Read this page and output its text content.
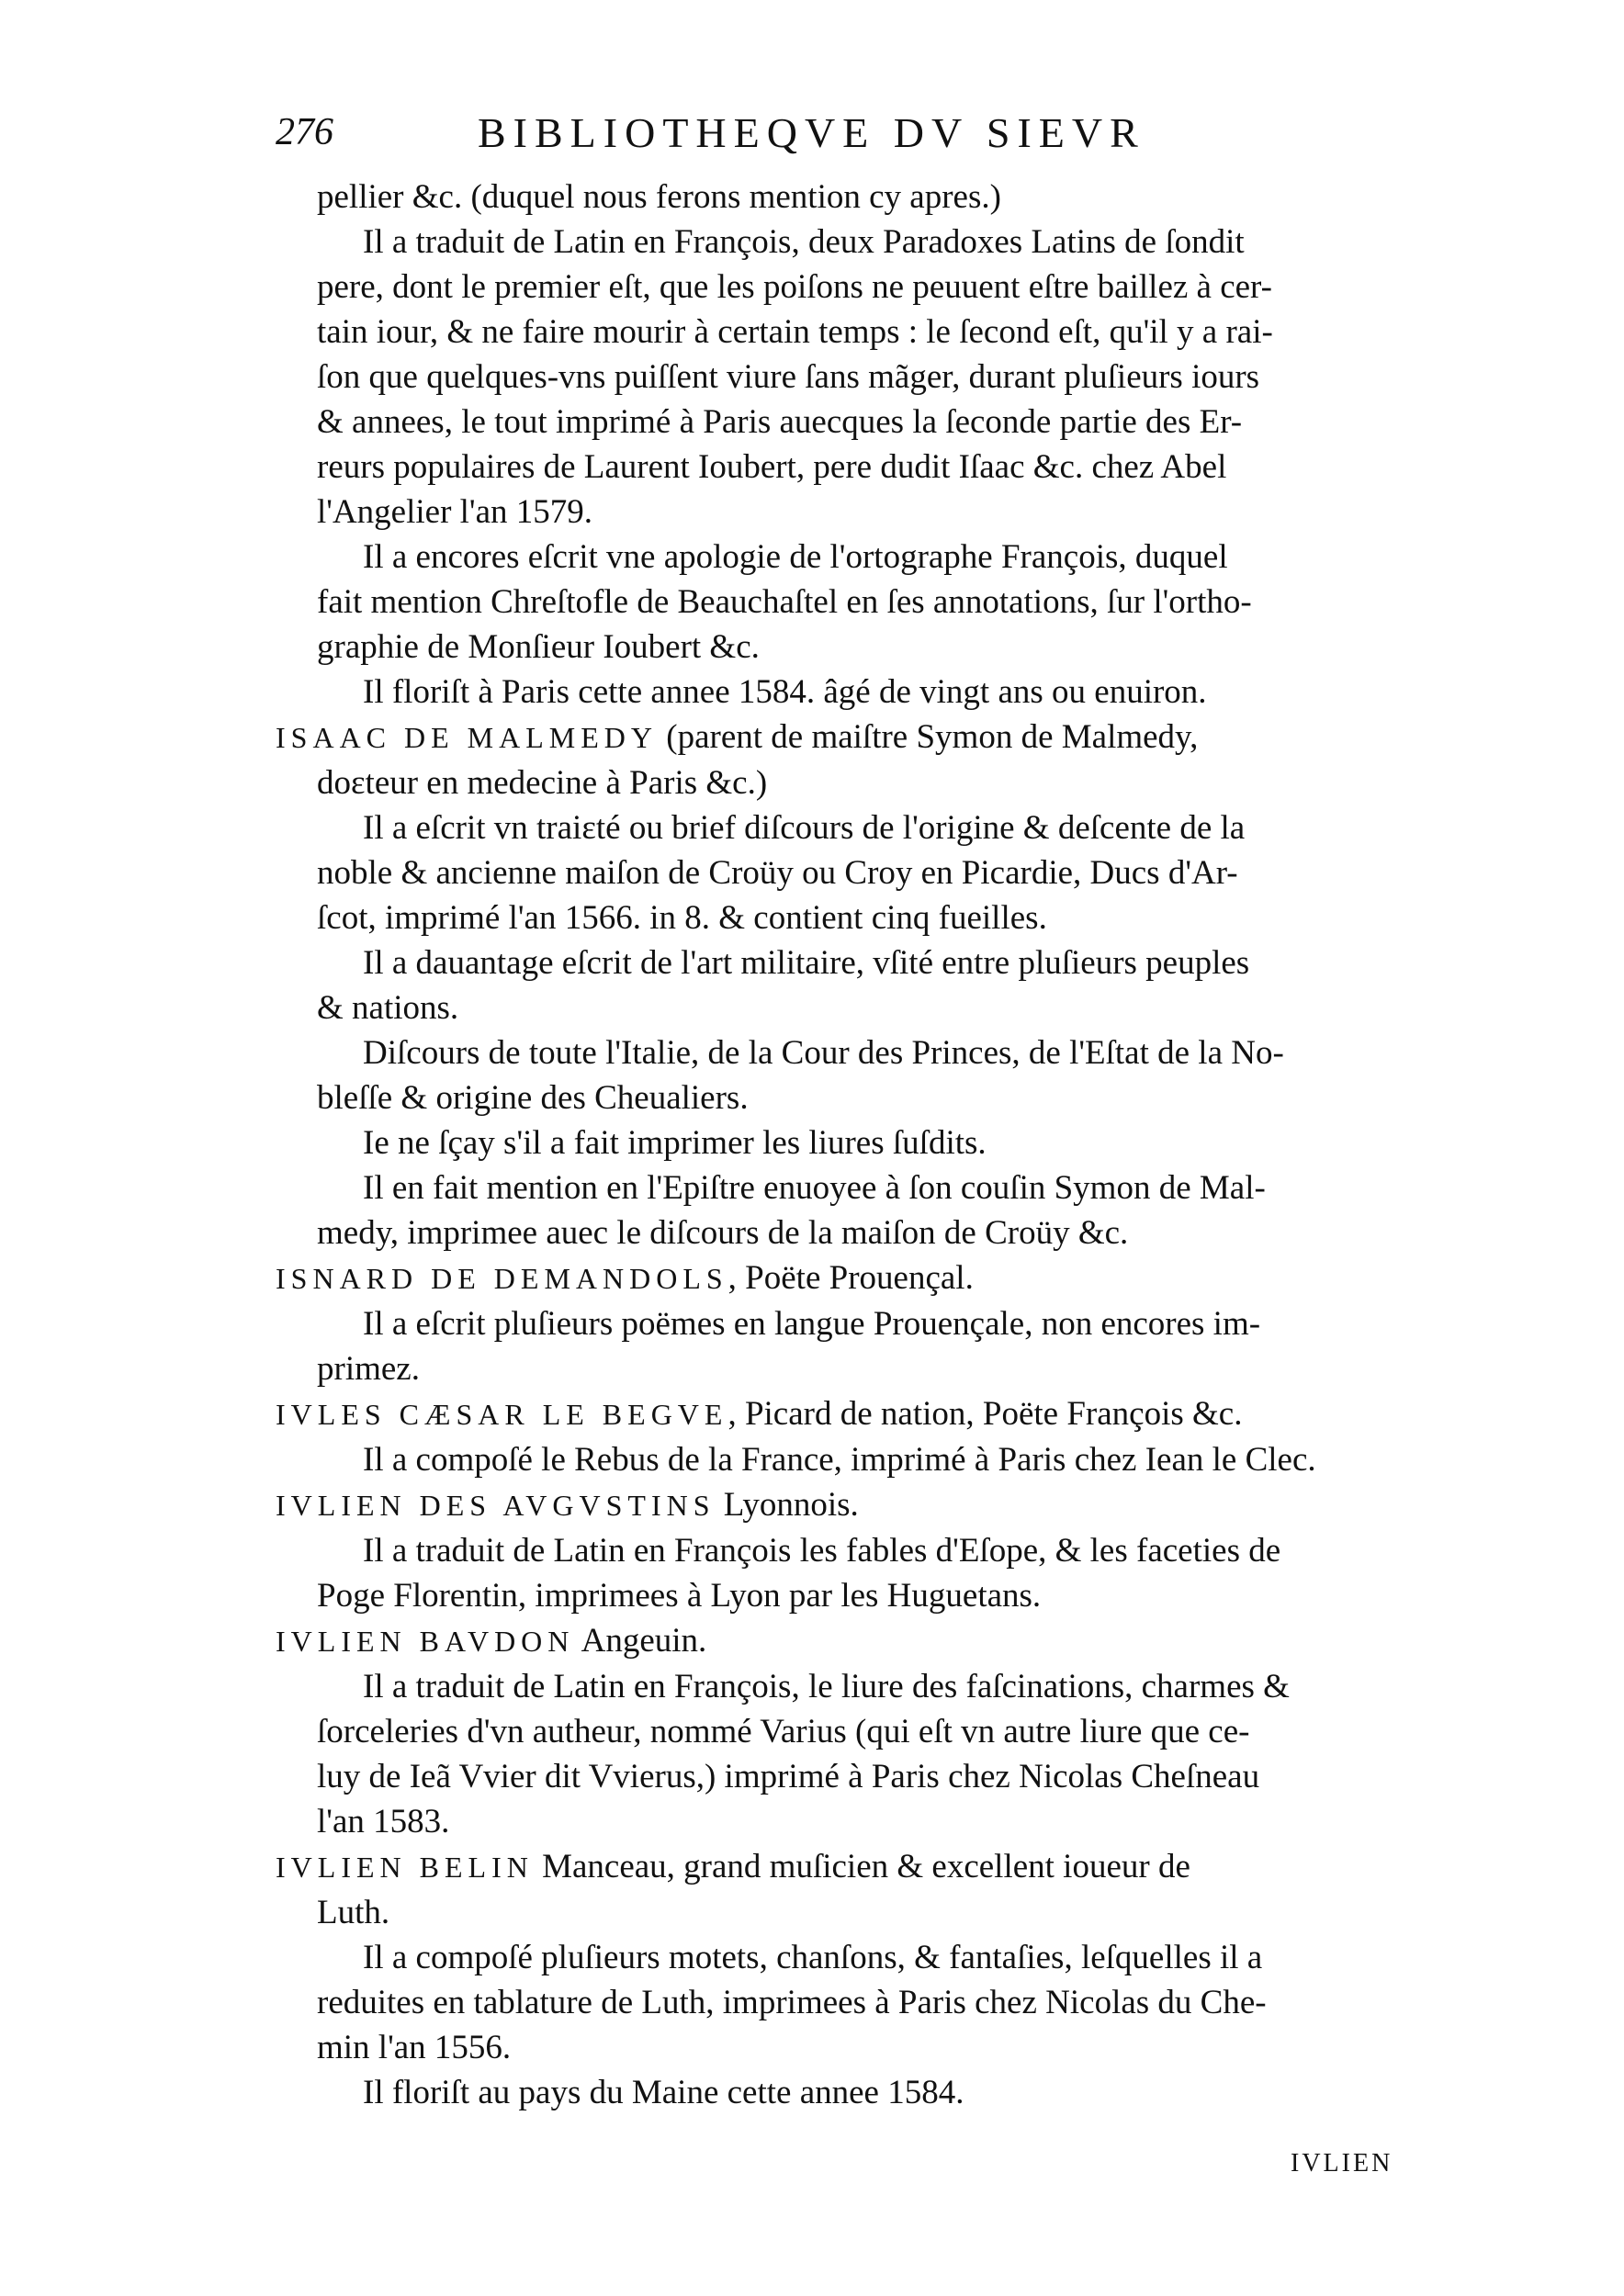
276	BIBLIOTHEQVE DV SIEVR
pellier &c. (duquel nous ferons mention cy apres.)
Il a traduit de Latin en François, deux Paradoxes Latins de ſondit
pere, dont le premier eſt, que les poiſons ne peuuent eſtre baillez à cer-
tain iour, & ne faire mourir à certain temps : le ſecond eſt, qu'il y a rai-
ſon que quelques-vns puiſſent viure ſans mãger, durant pluſieurs iours
& annees, le tout imprimé à Paris auecques la ſeconde partie des Er-
reurs populaires de Laurent Ioubert, pere dudit Iſaac &c. chez Abel
l'Angelier l'an 1579.
Il a encores eſcrit vne apologie de l'ortographe François, duquel
fait mention Chreſtofle de Beauchaſtel en ſes annotations, ſur l'ortho-
graphie de Monſieur Ioubert &c.
Il floriſt à Paris cette annee 1584. âgé de vingt ans ou enuiron.
ISAAC DE MALMEDY (parent de maiſtre Symon de Malmedy,
doɛteur en medecine à Paris &c.)
Il a eſcrit vn traiɛté ou brief diſcours de l'origine & deſcente de la
noble & ancienne maiſon de Croüy ou Croy en Picardie, Ducs d'Ar-
ſcot, imprimé l'an 1566. in 8. & contient cinq fueilles.
Il a dauantage eſcrit de l'art militaire, vſité entre pluſieurs peuples
& nations.
Diſcours de toute l'Italie, de la Cour des Princes, de l'Eſtat de la No-
bleſſe & origine des Cheualiers.
Ie ne ſçay s'il a fait imprimer les liures ſuſdits.
Il en fait mention en l'Epiſtre enuoyee à ſon couſin Symon de Mal-
medy, imprimee auec le diſcours de la maiſon de Croüy &c.
ISNARD DE DEMANDOLS, Poëte Prouençal.
Il a eſcrit pluſieurs poëmes en langue Prouençale, non encores im-
primez.
IVLES CÆSAR LE BEGVE, Picard de nation, Poëte François &c.
Il a compoſé le Rebus de la France, imprimé à Paris chez Iean le Clec.
IVLIEN DES AVGVSTINS Lyonnois.
Il a traduit de Latin en François les fables d'Eſope, & les faceties de
Poge Florentin, imprimees à Lyon par les Huguetans.
IVLIEN BAVDON Angeuin.
Il a traduit de Latin en François, le liure des faſcinations, charmes &
ſorceleries d'vn autheur, nommé Varius (qui eſt vn autre liure que ce-
luy de Ieã Vvier dit Vvierus,) imprimé à Paris chez Nicolas Cheſneau
l'an 1583.
IVLIEN BELIN Manceau, grand muſicien & excellent ioueur de
Luth.
Il a compoſé pluſieurs motets, chanſons, & fantaſies, leſquelles il a
reduites en tablature de Luth, imprimees à Paris chez Nicolas du Che-
min l'an 1556.
Il floriſt au pays du Maine cette annee 1584.
IVLIEN
